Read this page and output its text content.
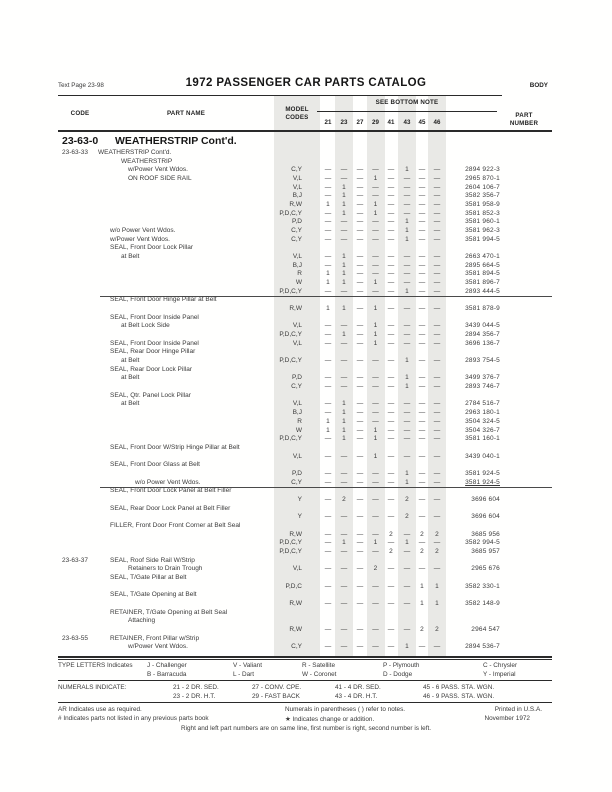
Text Page 23-98	1972 PASSENGER CAR PARTS CATALOG	BODY
CODE	PART NAME
MODEL
CODES
SEE BOTTOM NOTE
21	23	27	29	41	43	45	46
PART
NUMBER
23-63-0 WEATHERSTRIP Cont'd.
23-63-33 WEATHERSTRIP Cont'd.
WEATHERSTRIP
w/Power Vent Wdos.	C,Y	—	—	—	—	—	1	—	—	2894 922-3
ON ROOF SIDE RAIL	V,L	—	—	—	1	—	—	—	—	2965 870-1
V,L	—	1	—	—	—	—	—	—	2604 106-7
B,J	—	1	—	—	—	—	—	—	3582 356-7
R,W	1	1	—	1	—	—	—	—	3581 958-9
P,D,C,Y	—	1	—	1	—	—	—	—	3581 852-3
P,D	—	—	—	—	—	1	—	—	3581 960-1
w/o Power Vent Wdos.	C,Y	—	—	—	—	—	1	—	—	3581 962-3
w/Power Vent Wdos.	C,Y	—	—	—	—	—	1	—	—	3581 994-5
SEAL, Front Door Lock Pillar
at Belt	V,L	—	1	—	—	—	—	—	—	2663 470-1
B,J	—	1	—	—	—	—	—	—	2895 664-5
R	1	1	—	—	—	—	—	—	3581 894-5
W	1	1	—	1	—	—	—	—	3581 896-7
P,D,C,Y	—	—	—	—	—	1	—	—	2893 444-5
SEAL, Front Door Hinge Pillar at Belt
R,W	1	1	—	1	—	—	—	—	3581 878-9
SEAL, Front Door Inside Panel
at Belt Lock Side	V,L	—	—	—	1	—	—	—	—	3439 044-5
P,D,C,Y	—	1	—	1	—	—	—	—	2894 356-7
SEAL, Front Door Inside Panel	V,L	—	—	—	1	—	—	—	—	3696 136-7
SEAL, Rear Door Hinge Pillar
at Belt	P,D,C,Y	—	—	—	—	—	1	—	—	2893 754-5
SEAL, Rear Door Lock Pillar
at Belt	P,D	—	—	—	—	—	1	—	—	3499 376-7
C,Y	—	—	—	—	—	1	—	—	2893 746-7
SEAL, Qtr. Panel Lock Pillar
at Belt	V,L	—	1	—	—	—	—	—	—	2784 516-7
B,J	—	1	—	—	—	—	—	—	2963 180-1
R	1	1	—	—	—	—	—	—	3504 324-5
W	1	1	—	1	—	—	—	—	3504 326-7
P,D,C,Y	—	1	—	1	—	—	—	—	3581 160-1
SEAL, Front Door W/Strip Hinge Pillar at Belt
V,L	—	—	—	1	—	—	—	—	3439 040-1
SEAL, Front Door Glass at Belt
P,D	—	—	—	—	—	1	—	—	3581 924-5
w/o Power Vent Wdos.	C,Y	—	—	—	—	—	1	—	—	3581 924-5
SEAL, Front Door Lock Panel at Belt Filler
Y	—	2	—	—	—	2	—	—	3696 604
SEAL, Rear Door Lock Panel at Belt Filler
Y	—	—	—	—	—	2	—	—	3696 604
FILLER, Front Door Front Corner at Belt Seal
R,W	—	—	—	—	2	—	2	2	3685 956
P,D,C,Y	—	1	—	1	—	1	—	—	3582 994-5
P,D,C,Y	—	—	—	—	2	—	2	2	3685 957
23-63-37	SEAL, Roof Side Rail W/Strip
Retainers to Drain Trough	V,L	—	—	—	2	—	—	—	—	2965 676
SEAL, T/Gate Pillar at Belt
P,D,C	—	—	—	—	—	—	1	1	3582 330-1
SEAL, T/Gate Opening at Belt
R,W	—	—	—	—	—	—	1	1	3582 148-9
RETAINER, T/Gate Opening at Belt Seal
Attaching
R,W	—	—	—	—	—	—	2	2	2964 547
23-63-55	RETAINER, Front Pillar w/Strip
w/Power Vent Wdos.	C,Y	—	—	—	—	—	1	—	—	2894 536-7
TYPE LETTERS Indicates J - Challenger
B - Barracuda
V - Valiant
L - Dart
R - Satellite
W - Coronet
P - Plymouth
D - Dodge
C - Chrysler
Y - Imperial
NUMERALS INDICATE:	21 - 2 DR. SED.
23 - 2 DR. H.T.
27 - CONV. CPE.
29 - FAST BACK
41 - 4 DR. SED.
43 - 4 DR. H.T.
45 - 6 PASS. STA. WGN.
46 - 9 PASS. STA. WGN.
AR Indicates use as required.
# Indicates parts not listed in any previous parts book
Numerals in parentheses ( ) refer to notes.
★ Indicates change or addition.
Printed in U.S.A.
November 1972
Right and left part numbers are on same line, first number is right, second number is left.
